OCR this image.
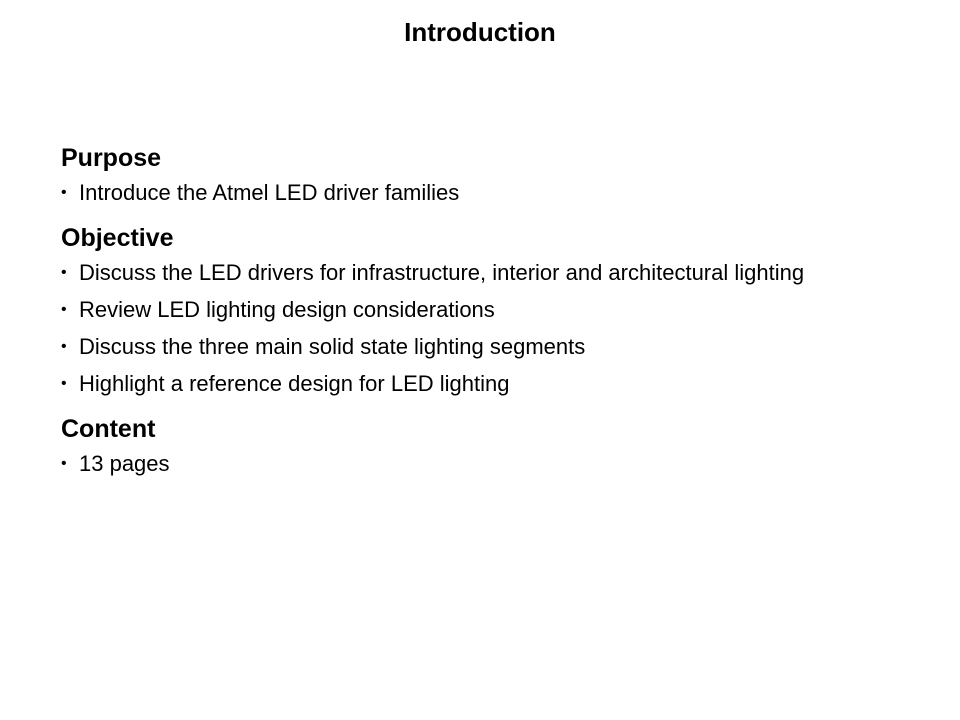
Introduction
Purpose
• Introduce the Atmel LED driver families
Objective
• Discuss the LED drivers for infrastructure, interior and architectural lighting
• Review LED lighting design considerations
• Discuss the three main solid state lighting segments
• Highlight a reference design for LED lighting
Content
• 13 pages
